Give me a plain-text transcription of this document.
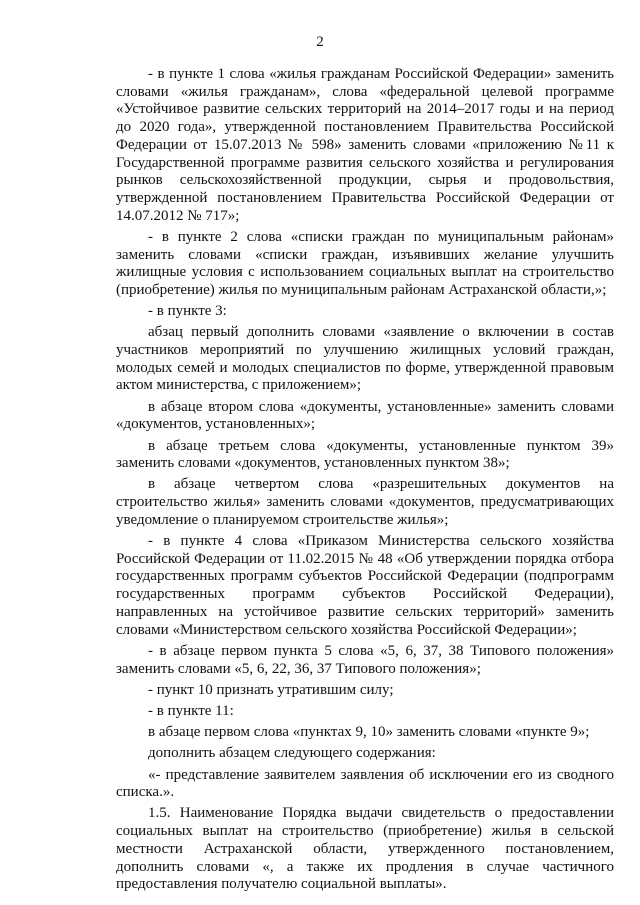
2

- в пункте 1 слова «жилья гражданам Российской Федерации» заменить словами «жилья гражданам», слова «федеральной целевой программе «Устойчивое развитие сельских территорий на 2014–2017 годы и на период до 2020 года», утвержденной постановлением Правительства Российской Федерации от 15.07.2013 № 598» заменить словами «приложению №11 к Государственной программе развития сельского хозяйства и регулирования рынков сельскохозяйственной продукции, сырья и продовольствия, утвержденной постановлением Правительства Российской Федерации от 14.07.2012 № 717»;

- в пункте 2 слова «списки граждан по муниципальным районам» заменить словами «списки граждан, изъявивших желание улучшить жилищные условия с использованием социальных выплат на строительство (приобретение) жилья по муниципальным районам Астраханской области,»;

- в пункте 3:

абзац первый дополнить словами «заявление о включении в состав участников мероприятий по улучшению жилищных условий граждан, молодых семей и молодых специалистов по форме, утвержденной правовым актом министерства, с приложением»;

в абзаце втором слова «документы, установленные» заменить словами «документов, установленных»;

в абзаце третьем слова «документы, установленные пунктом 39» заменить словами «документов, установленных пунктом 38»;

в абзаце четвертом слова «разрешительных документов на строительство жилья» заменить словами «документов, предусматривающих уведомление о планируемом строительстве жилья»;

- в пункте 4 слова «Приказом Министерства сельского хозяйства Российской Федерации от 11.02.2015 № 48 «Об утверждении порядка отбора государственных программ субъектов Российской Федерации (подпрограмм государственных программ субъектов Российской Федерации), направленных на устойчивое развитие сельских территорий» заменить словами «Министерством сельского хозяйства Российской Федерации»;

- в абзаце первом пункта 5 слова «5, 6, 37, 38 Типового положения» заменить словами «5, 6, 22, 36, 37 Типового положения»;

- пункт 10 признать утратившим силу;

- в пункте 11:

в абзаце первом слова «пунктах 9, 10» заменить словами «пункте 9»;

дополнить абзацем следующего содержания:

«- представление заявителем заявления об исключении его из сводного списка.».

1.5. Наименование Порядка выдачи свидетельств о предоставлении социальных выплат на строительство (приобретение) жилья в сельской местности Астраханской области, утвержденного постановлением, дополнить словами «, а также их продления в случае частичного предоставления получателю социальной выплаты».
